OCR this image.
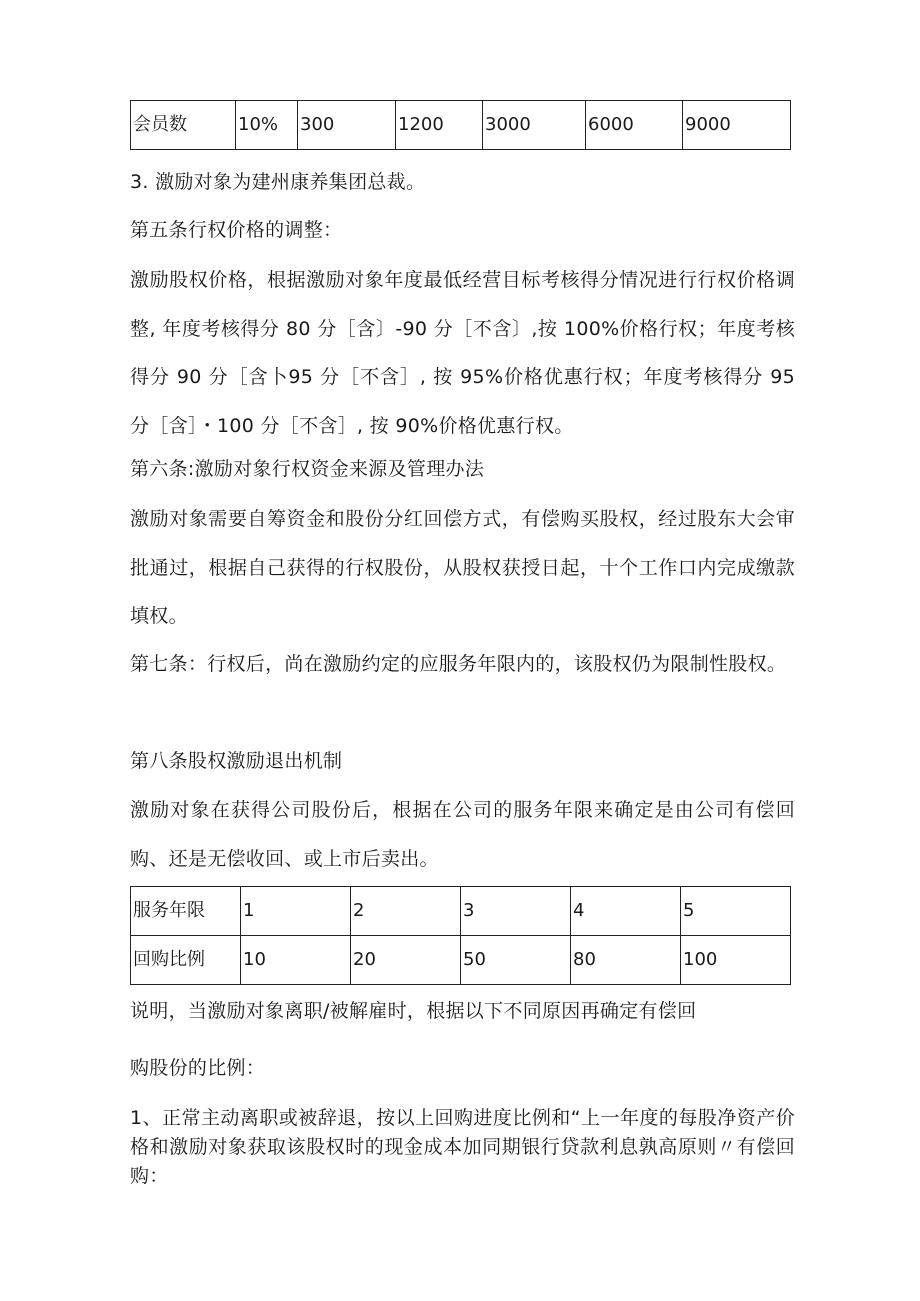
会员数	10%	300	1200	3000	6000	9000

3. 激励对象为建州康养集团总裁。

第五条行权价格的调整：

激励股权价格，根据激励对象年度最低经营目标考核得分情况进行行权价格调整, 年度考核得分 80 分［含〕-90 分［不含〕,按 100%价格行权；年度考核得分 90 分［含卜95 分［不含］, 按 95%价格优惠行权；年度考核得分 95 分［含］・100 分［不含］, 按 90%价格优惠行权。

第六条:激励对象行权资金来源及管理办法

激励对象需要自筹资金和股份分红回偿方式，有偿购买股权，经过股东大会审批通过，根据自己获得的行权股份，从股权获授日起，十个工作口内完成缴款填权。

第七条：行权后，尚在激励约定的应服务年限内的，该股权仍为限制性股权。

第八条股权激励退出机制

激励对象在获得公司股份后，根据在公司的服务年限来确定是由公司有偿回购、还是无偿收回、或上市后卖出。

服务年限	1	2	3	4	5
回购比例	10	20	50	80	100

说明，当激励对象离职/被解雇时，根据以下不同原因再确定有偿回

购股份的比例：

1、正常主动离职或被辞退，按以上回购进度比例和“上一年度的每股净资产价格和激励对象获取该股权时的现金成本加同期银行贷款利息孰高原则〃有偿回购：
